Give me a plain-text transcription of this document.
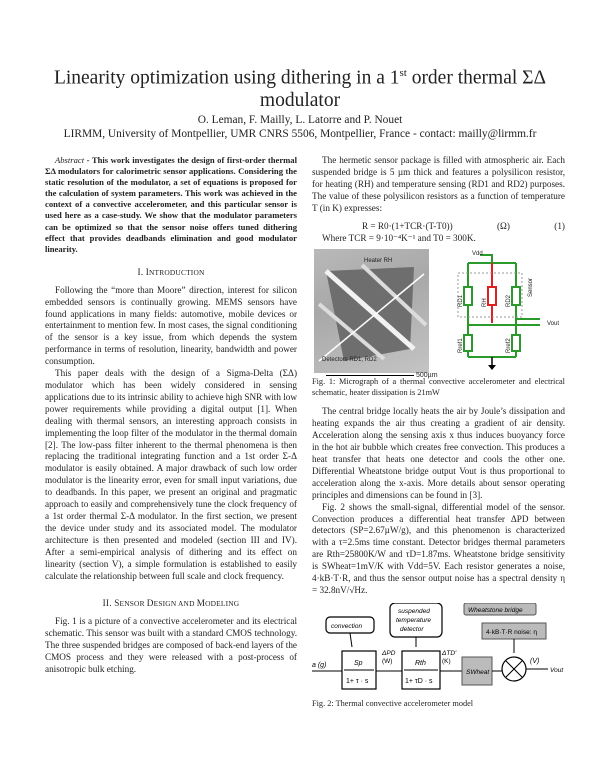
Linearity optimization using dithering in a 1st order thermal ΣΔ
modulator
O. Leman, F. Mailly, L. Latorre and P. Nouet
LIRMM, University of Montpellier, UMR CNRS 5506, Montpellier, France - contact: mailly@lirmm.fr

Abstract - This work investigates the design of first-order thermal ΣΔ modulators for calorimetric sensor applications. Considering the static resolution of the modulator, a set of equations is proposed for the calculation of system parameters. This work was achieved in the context of a convective accelerometer, and this particular sensor is used here as a case-study. We show that the modulator parameters can be optimized so that the sensor noise offers tuned dithering effect that provides deadbands elimination and good modulator linearity.

I. INTRODUCTION

Following the “more than Moore” direction, interest for silicon embedded sensors is continually growing. MEMS sensors have found applications in many fields: automotive, mobile devices or entertainment to mention few. In most cases, the signal conditioning of the sensor is a key issue, from which depends the system performance in terms of resolution, linearity, bandwidth and power consumption.

This paper deals with the design of a Sigma-Delta (ΣΔ) modulator which has been widely considered in sensing applications due to its intrinsic ability to achieve high SNR with low power requirements while providing a digital output [1]. When dealing with thermal sensors, an interesting approach consists in implementing the loop filter of the modulator in the thermal domain [2]. The low-pass filter inherent to the thermal phenomena is then replacing the traditional integrating function and a 1st order Σ-Δ modulator is easily obtained. A major drawback of such low order modulator is the linearity error, even for small input variations, due to deadbands. In this paper, we present an original and pragmatic approach to easily and comprehensively tune the clock frequency of a 1st order thermal Σ-Δ modulator. In the first section, we present the device under study and its associated model. The modulator architecture is then presented and modeled (section III and IV). After a semi-empirical analysis of dithering and its effect on linearity (section V), a simple formulation is established to easily calculate the relationship between full scale and clock frequency.

II. SENSOR DESIGN AND MODELING

Fig. 1 is a picture of a convective accelerometer and its electrical schematic. This sensor was built with a standard CMOS technology. The three suspended bridges are composed of back-end layers of the CMOS process and they were released with a post-process of anisotropic bulk etching.

The hermetic sensor package is filled with atmospheric air. Each suspended bridge is 5 µm thick and features a polysilicon resistor, for heating (RH) and temperature sensing (RD1 and RD2) purposes. The value of these polysilicon resistors as a function of temperature T (in K) expresses:

R = R0·(1+TCR·(T-T0))	(Ω)	(1)

Where TCR = 9·10⁻⁴K⁻¹ and T0 = 300K.

Heater RH
Detectors RD1, RD2
500µm
Vdd
Vout
Sensor
RD1	RH	RD2
Rref1	Rref2

Fig. 1: Micrograph of a thermal convective accelerometer and electrical schematic, heater dissipation is 21mW

The central bridge locally heats the air by Joule’s dissipation and heating expands the air thus creating a gradient of air density. Acceleration along the sensing axis x thus induces buoyancy force in the hot air bubble which creates free convection. This produces a heat transfer that heats one detector and cools the other one. Differential Wheatstone bridge output Vout is thus proportional to acceleration along the x-axis. More details about sensor operating principles and dimensions can be found in [3].

Fig. 2 shows the small-signal, differential model of the sensor. Convection produces a differential heat transfer ΔPD between detectors (SP=2.67µW/g), and this phenomenon is characterized with a τ=2.5ms time constant. Detector bridges thermal parameters are Rth=25800K/W and τD=1.87ms. Wheatstone bridge sensitivity is SWheat=1mV/K with Vdd=5V. Each resistor generates a noise, 4·kB·T·R, and thus the sensor output noise has a spectral density η = 32.8nV/√Hz.

Wheatstone bridge
convection
suspended
temperature
detector	4·kB·T·R noise: η
a (g)	Sp
1+ τ · s
ΔPD
(W)	Rth
1+ τD · s
ΔTD'
(K)
SWheat
(V)
Vout
Fig. 2: Thermal convective accelerometer model
